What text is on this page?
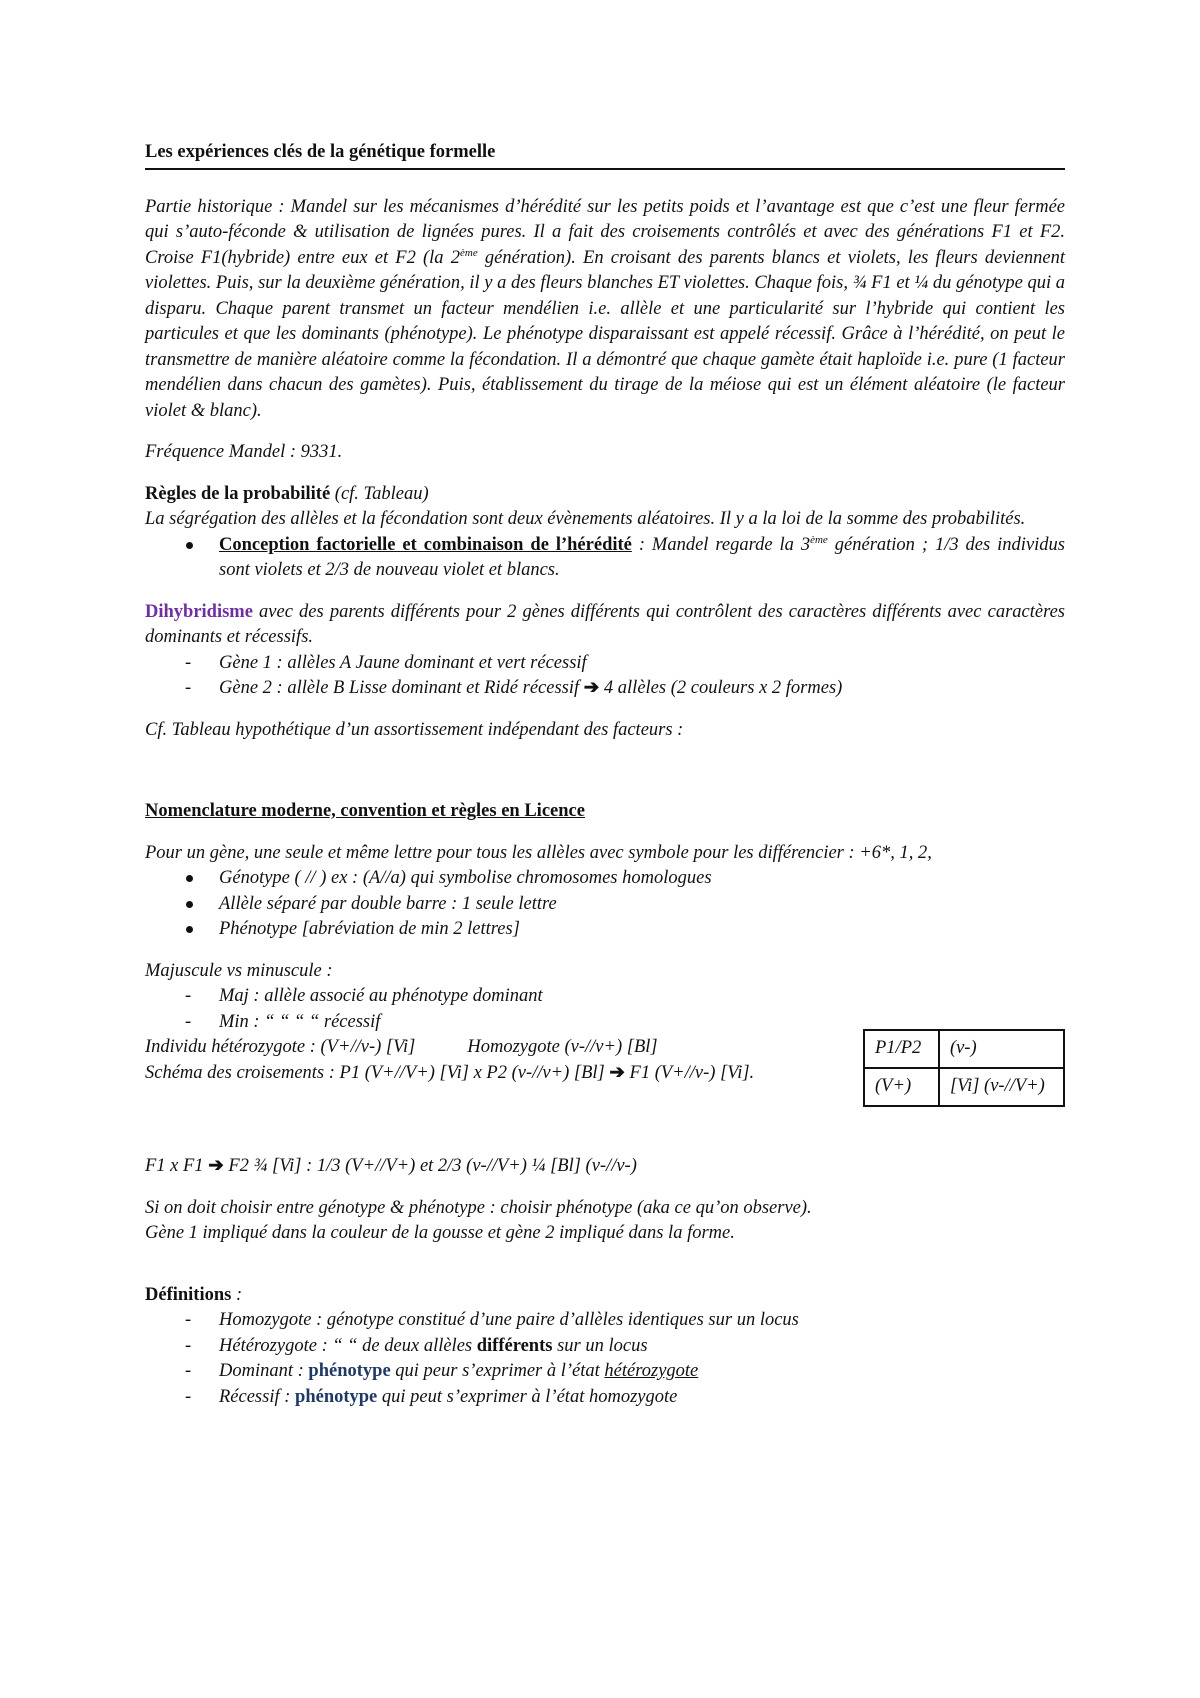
Les expériences clés de la génétique formelle

Partie historique : Mandel sur les mécanismes d’hérédité sur les petits poids et l’avantage est que c’est une fleur fermée qui s’auto-féconde & utilisation de lignées pures. Il a fait des croisements contrôlés et avec des générations F1 et F2. Croise F1(hybride) entre eux et F2 (la 2ème génération). En croisant des parents blancs et violets, les fleurs deviennent violettes. Puis, sur la deuxième génération, il y a des fleurs blanches ET violettes. Chaque fois, ¾ F1 et ¼ du génotype qui a disparu. Chaque parent transmet un facteur mendélien i.e. allèle et une particularité sur l’hybride qui contient les particules et que les dominants (phénotype). Le phénotype disparaissant est appelé récessif. Grâce à l’hérédité, on peut le transmettre de manière aléatoire comme la fécondation. Il a démontré que chaque gamète était haploïde i.e. pure (1 facteur mendélien dans chacun des gamètes). Puis, établissement du tirage de la méiose qui est un élément aléatoire (le facteur violet & blanc).

Fréquence Mandel : 9331.

Règles de la probabilité (cf. Tableau)

La ségrégation des allèles et la fécondation sont deux évènements aléatoires. Il y a la loi de la somme des probabilités.

Conception factorielle et combinaison de l’hérédité : Mandel regarde la 3ème génération ; 1/3 des individus sont violets et 2/3 de nouveau violet et blancs.

Dihybridisme avec des parents différents pour 2 gènes différents qui contrôlent des caractères différents avec caractères dominants et récessifs.

- Gène 1 : allèles A Jaune dominant et vert récessif
- Gène 2 : allèle B Lisse dominant et Ridé récessif ➔ 4 allèles (2 couleurs x 2 formes)

Cf. Tableau hypothétique d’un assortissement indépendant des facteurs :

Nomenclature moderne, convention et règles en Licence

Pour un gène, une seule et même lettre pour tous les allèles avec symbole pour les différencier : +6*, 1, 2,

Génotype ( // ) ex : (A//a) qui symbolise chromosomes homologues
Allèle séparé par double barre : 1 seule lettre
Phénotype [abréviation de min 2 lettres]

Majuscule vs minuscule :

- Maj : allèle associé au phénotype dominant
- Min : “ “ “ “ récessif
P1/P2	(v-)
(V+)	[Vi] (v-//V+)

Individu hétérozygote : (V+//v-) [Vi]	Homozygote (v-//v+) [Bl]

Schéma des croisements : P1 (V+//V+) [Vi] x P2 (v-//v+) [Bl] ➔ F1 (V+//v-) [Vi].

F1 x F1 ➔ F2 ¾ [Vi] : 1/3 (V+//V+) et 2/3 (v-//V+) ¼ [Bl] (v-//v-)

Si on doit choisir entre génotype & phénotype : choisir phénotype (aka ce qu’on observe).

Gène 1 impliqué dans la couleur de la gousse et gène 2 impliqué dans la forme.

Définitions :

- Homozygote : génotype constitué d’une paire d’allèles identiques sur un locus
- Hétérozygote : “ “ de deux allèles différents sur un locus
- Dominant : phénotype qui peur s’exprimer à l’état hétérozygote
- Récessif : phénotype qui peut s’exprimer à l’état homozygote
